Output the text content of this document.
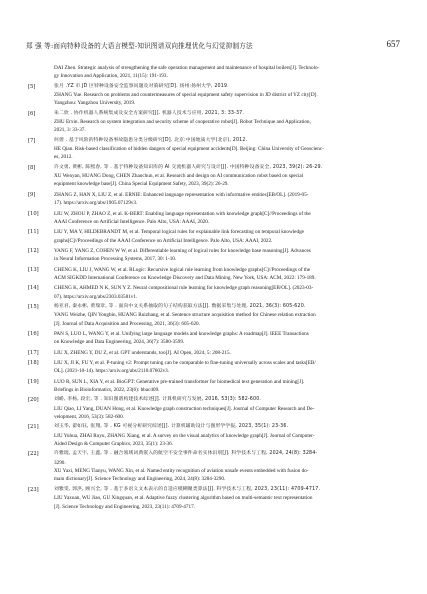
郑 强 等:面向特种设备的大语言模型-知识图谱双向推理优化与幻觉抑制方法	657
DAI Zhen. Strategic analysis of strengthening the safe operation management and maintenance of hospital boilers[J]. Technolo-
gy Innovation and Application, 2021, 11(15): 191-193.
[5]	张月 .YZ 市 JD 区特种设备安全监察问题及对策研究[D]. 扬州:扬州大学, 2019.
ZHANG Yue. Research on problems and countermeasures of special equipment safety supervision in JD district of YZ city[D].
Yangzhou: Yangzhou University, 2019.
[6]	朱二欣 . 协作机器人系统集成及安全方案研究[J]. 机器人技术与应用, 2021, 3: 33-37.
ZHU Erxin. Research on system integration and security scheme of cooperative robot[J]. Robot Technique and Application,
2021, 3: 33-37.
[7]	何倩 . 基于风险的特种设备事故隐患分类分级研究[D]. 北京:中国地质大学(北京), 2012.
HE Qian. Risk-based classification of hidden dangers of special equipment accidents[D]. Beijing: China University of Geoscienc-
es, 2012.
[8]	许文勇, 黄彬, 陈熙春, 等 . 基于特种设备知识库的 AI 交流机器人研究与设计[J]. 中国特种设备安全, 2023, 39(2): 26-29.
XU Wenyan, HUANG Dong, CHEN Zhaochun, et al. Research and design on AI communication robot based on special
equipment knowledge base[J]. China Special Equipment Safety, 2023, 39(2): 26-29.
[9]	ZHANG Z, HAN X, LIU Z, et al. ERNIE: Enhanced language representation with informative entities[EB/OL]. (2019-05-
17). https://arxiv.org/abs/1905.07129v3.
[10]	LIU W, ZHOU P, ZHAO Z, et al. K-BERT: Enabling language representation with knowledge graph[C]//Proceedings of the
AAAI Conference on Artificial Intelligence. Palo Alto, USA: AAAI, 2020.
[11]	LIU Y, MA Y, HILDEBRANDT M, et al. Temporal logical rules for explainable link forecasting on temporal knowledge
graphs[C]//Proceedings of the AAAI Conference on Artificial Intelligence. Palo Alto, USA: AAAI, 2022.
[12]	YANG F, YANG Z, COHEN W W, et al. Differentiable learning of logical rules for knowledge base reasoning[J]. Advances
in Neural Information Processing Systems, 2017, 30: 1-10.
[13]	CHENG K, LIU J, WANG W, et al. RLogic: Recursive logical rule learning from knowledge graphs[C]//Proceedings of the
ACM SIGKDD International Conference on Knowledge Discovery and Data Mining. New York, USA: ACM, 2022: 179-189.
[14]	CHENG K, AHMED N K, SUN Y Z. Neural compositional rule learning for knowledge graph reasoning[EB/OL]. (2023-03-
07). https://arxiv.org/abs/2303.03581v1.
[15]	杨亚君, 秦永彬, 黄瑞章, 等 . 面向中文关系抽取的句子结构获取方法[J]. 数据采集与处理, 2021, 36(3): 605-620.
YANG Weizhe, QIN Yongbin, HUANG Ruizhang, et al. Sentence structure acquisition method for Chinese relation extraction
[J]. Journal of Data Acquisition and Processing, 2021, 36(3): 605-620.
[16]	PAN S, LUO L, WANG Y, et al. Unifying large language models and knowledge graphs: A roadmap[J]. IEEE Transactions
on Knowledge and Data Engineering, 2024, 36(7): 3580-3599.
[17]	LIU X, ZHENG Y, DU Z, et al. GPT understands, too[J]. AI Open, 2024, 5: 208-215.
[18]	LIU X, JI K, FU Y, et al. P-tuning v2: Prompt tuning can be comparable to fine-tuning universally across scales and tasks[EB/
OL]. (2021-10-14). https://arxiv.org/abs/2110.07602v3.
[19]	LUO R, SUN L, XIA Y, et al. BioGPT: Generative pre-trained transformer for biomedical text generation and mining[J].
Briefings in Bioinformatics, 2022, 23(6): bbac409.
[20]	刘峤, 李杨, 段宏, 等 . 知识图谱构建技术综述[J]. 计算机研究与发展, 2016, 53(3): 582-600.
LIU Qiao, LI Yang, DUAN Hong, et al. Knowledge graph construction techniques[J]. Journal of Computer Research and De-
velopment, 2016, 53(3): 582-600.
[21]	刘玉华, 翟如钰, 张翔, 等 . KG 可视分析研究综述[J]. 计算机辅助设计与图形学学报, 2023, 35(1): 23-36.
LIU Yuhua, ZHAI Ruyu, ZHANG Xiang, et al. A survey on the visual analytics of knowledge graph[J]. Journal of Computer-
Aided Design & Computer Graphics, 2023, 35(1): 23-36.
[22]	许雅琨, 孟天宇, 王鑫, 等 . 融合领域词典嵌入的航空不安全事件命名实体识别[J]. 科学技术与工程, 2024, 24(8): 3284-
3290.
XU Yaxi, MENG Tianyu, WANG Xin, et al. Named entity recognition of aviation unsafe events embedded with fusion do-
main dictionary[J]. Science Technology and Engineering, 2024, 24(8): 3284-3290.
[23]	刘雅雯, 郭洪, 顾兴全, 等 . 基于多语义文本表示的自适应模糊聚类算法[J]. 科学技术与工程, 2023, 23(11): 4709-4717.
LIU Yaxuan, WU Jiao, GU Xingquan, et al. Adaptive fuzzy clustering algorithm based on multi-semantic text representation
[J]. Science Technology and Engineering, 2023, 23(11): 4709-4717.
